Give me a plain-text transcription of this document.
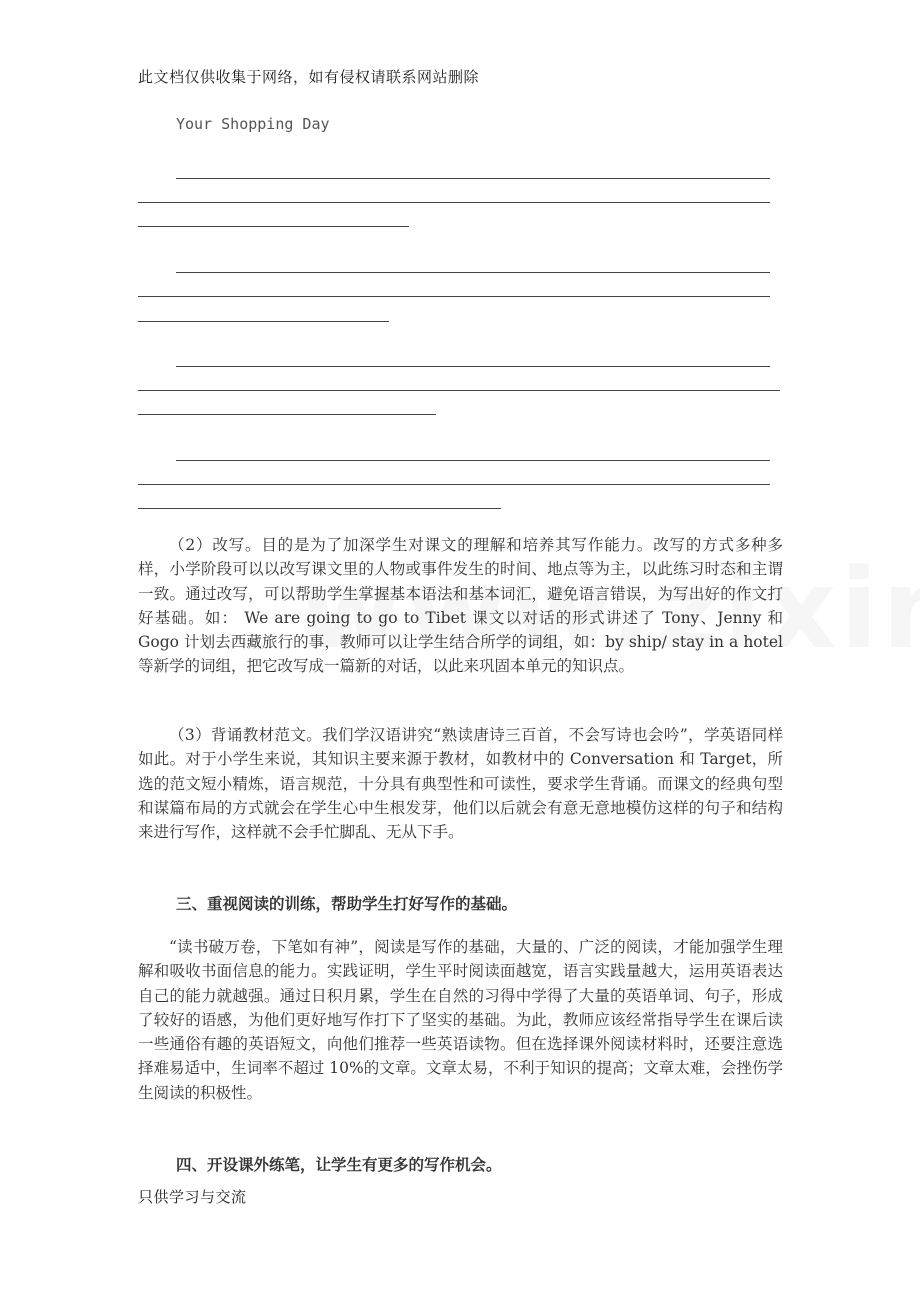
此文档仅供收集于网络，如有侵权请联系网站删除
Your Shopping Day

（2）改写。目的是为了加深学生对课文的理解和培养其写作能力。改写的方式多种多样，小学阶段可以以改写课文里的人物或事件发生的时间、地点等为主，以此练习时态和主谓一致。通过改写，可以帮助学生掌握基本语法和基本词汇，避免语言错误，为写出好的作文打好基础。如： We are going to go to Tibet 课文以对话的形式讲述了 Tony、Jenny 和 Gogo 计划去西藏旅行的事，教师可以让学生结合所学的词组，如：by ship/ stay in a hotel 等新学的词组，把它改写成一篇新的对话，以此来巩固本单元的知识点。

（3）背诵教材范文。我们学汉语讲究“熟读唐诗三百首，不会写诗也会吟”，学英语同样如此。对于小学生来说，其知识主要来源于教材，如教材中的 Conversation 和 Target，所选的范文短小精炼，语言规范，十分具有典型性和可读性，要求学生背诵。而课文的经典句型和谋篇布局的方式就会在学生心中生根发芽，他们以后就会有意无意地模仿这样的句子和结构来进行写作，这样就不会手忙脚乱、无从下手。

三、重视阅读的训练，帮助学生打好写作的基础。

“读书破万卷，下笔如有神”，阅读是写作的基础，大量的、广泛的阅读，才能加强学生理解和吸收书面信息的能力。实践证明，学生平时阅读面越宽，语言实践量越大，运用英语表达自己的能力就越强。通过日积月累，学生在自然的习得中学得了大量的英语单词、句子，形成了较好的语感，为他们更好地写作打下了坚实的基础。为此，教师应该经常指导学生在课后读一些通俗有趣的英语短文，向他们推荐一些英语读物。但在选择课外阅读材料时，还要注意选择难易适中，生词率不超过 10%的文章。文章太易，不利于知识的提高；文章太难，会挫伤学生阅读的积极性。

四、开设课外练笔，让学生有更多的写作机会。

只供学习与交流
